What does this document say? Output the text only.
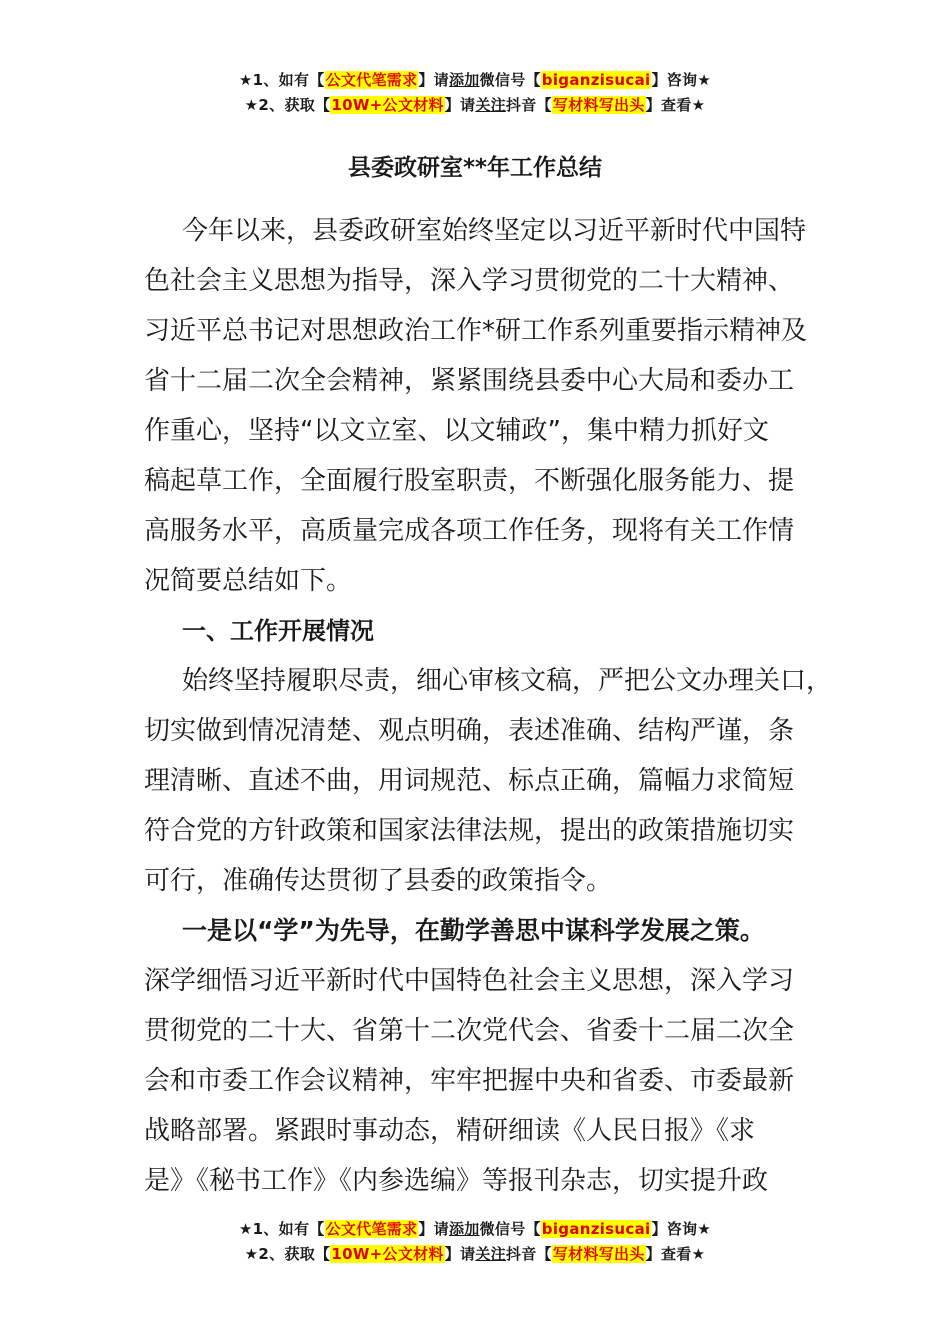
★1、如有【公文代笔需求】请添加微信号【biganzisucai】咨询★
★2、获取【10W+公文材料】请关注抖音【写材料写出头】查看★
县委政研室**年工作总结

今年以来，县委政研室始终坚定以习近平新时代中国特
色社会主义思想为指导，深入学习贯彻党的二十大精神、
习近平总书记对思想政治工作*研工作系列重要指示精神及
省十二届二次全会精神，紧紧围绕县委中心大局和委办工
作重心，坚持“以文立室、以文辅政”，集中精力抓好文
稿起草工作，全面履行股室职责，不断强化服务能力、提
高服务水平，高质量完成各项工作任务，现将有关工作情
况简要总结如下。

一、工作开展情况

始终坚持履职尽责，细心审核文稿，严把公文办理关口，
切实做到情况清楚、观点明确，表述准确、结构严谨，条
理清晰、直述不曲，用词规范、标点正确，篇幅力求简短
符合党的方针政策和国家法律法规，提出的政策措施切实
可行，准确传达贯彻了县委的政策指令。

一是以“学”为先导，在勤学善思中谋科学发展之策。
深学细悟习近平新时代中国特色社会主义思想，深入学习
贯彻党的二十大、省第十二次党代会、省委十二届二次全
会和市委工作会议精神，牢牢把握中央和省委、市委最新
战略部署。紧跟时事动态，精研细读《人民日报》《求
是》《秘书工作》《内参选编》等报刊杂志，切实提升政

★1、如有【公文代笔需求】请添加微信号【biganzisucai】咨询★
★2、获取【10W+公文材料】请关注抖音【写材料写出头】查看★
